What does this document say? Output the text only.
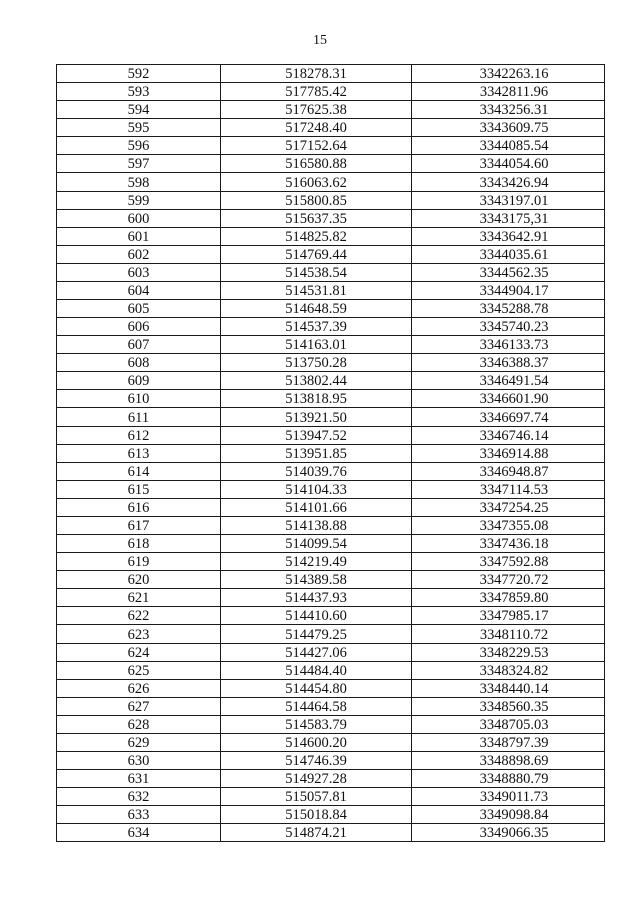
15
592	518278.31	3342263.16
593	517785.42	3342811.96
594	517625.38	3343256.31
595	517248.40	3343609.75
596	517152.64	3344085.54
597	516580.88	3344054.60
598	516063.62	3343426.94
599	515800.85	3343197.01
600	515637.35	3343175,31
601	514825.82	3343642.91
602	514769.44	3344035.61
603	514538.54	3344562.35
604	514531.81	3344904.17
605	514648.59	3345288.78
606	514537.39	3345740.23
607	514163.01	3346133.73
608	513750.28	3346388.37
609	513802.44	3346491.54
610	513818.95	3346601.90
611	513921.50	3346697.74
612	513947.52	3346746.14
613	513951.85	3346914.88
614	514039.76	3346948.87
615	514104.33	3347114.53
616	514101.66	3347254.25
617	514138.88	3347355.08
618	514099.54	3347436.18
619	514219.49	3347592.88
620	514389.58	3347720.72
621	514437.93	3347859.80
622	514410.60	3347985.17
623	514479.25	3348110.72
624	514427.06	3348229.53
625	514484.40	3348324.82
626	514454.80	3348440.14
627	514464.58	3348560.35
628	514583.79	3348705.03
629	514600.20	3348797.39
630	514746.39	3348898.69
631	514927.28	3348880.79
632	515057.81	3349011.73
633	515018.84	3349098.84
634	514874.21	3349066.35
